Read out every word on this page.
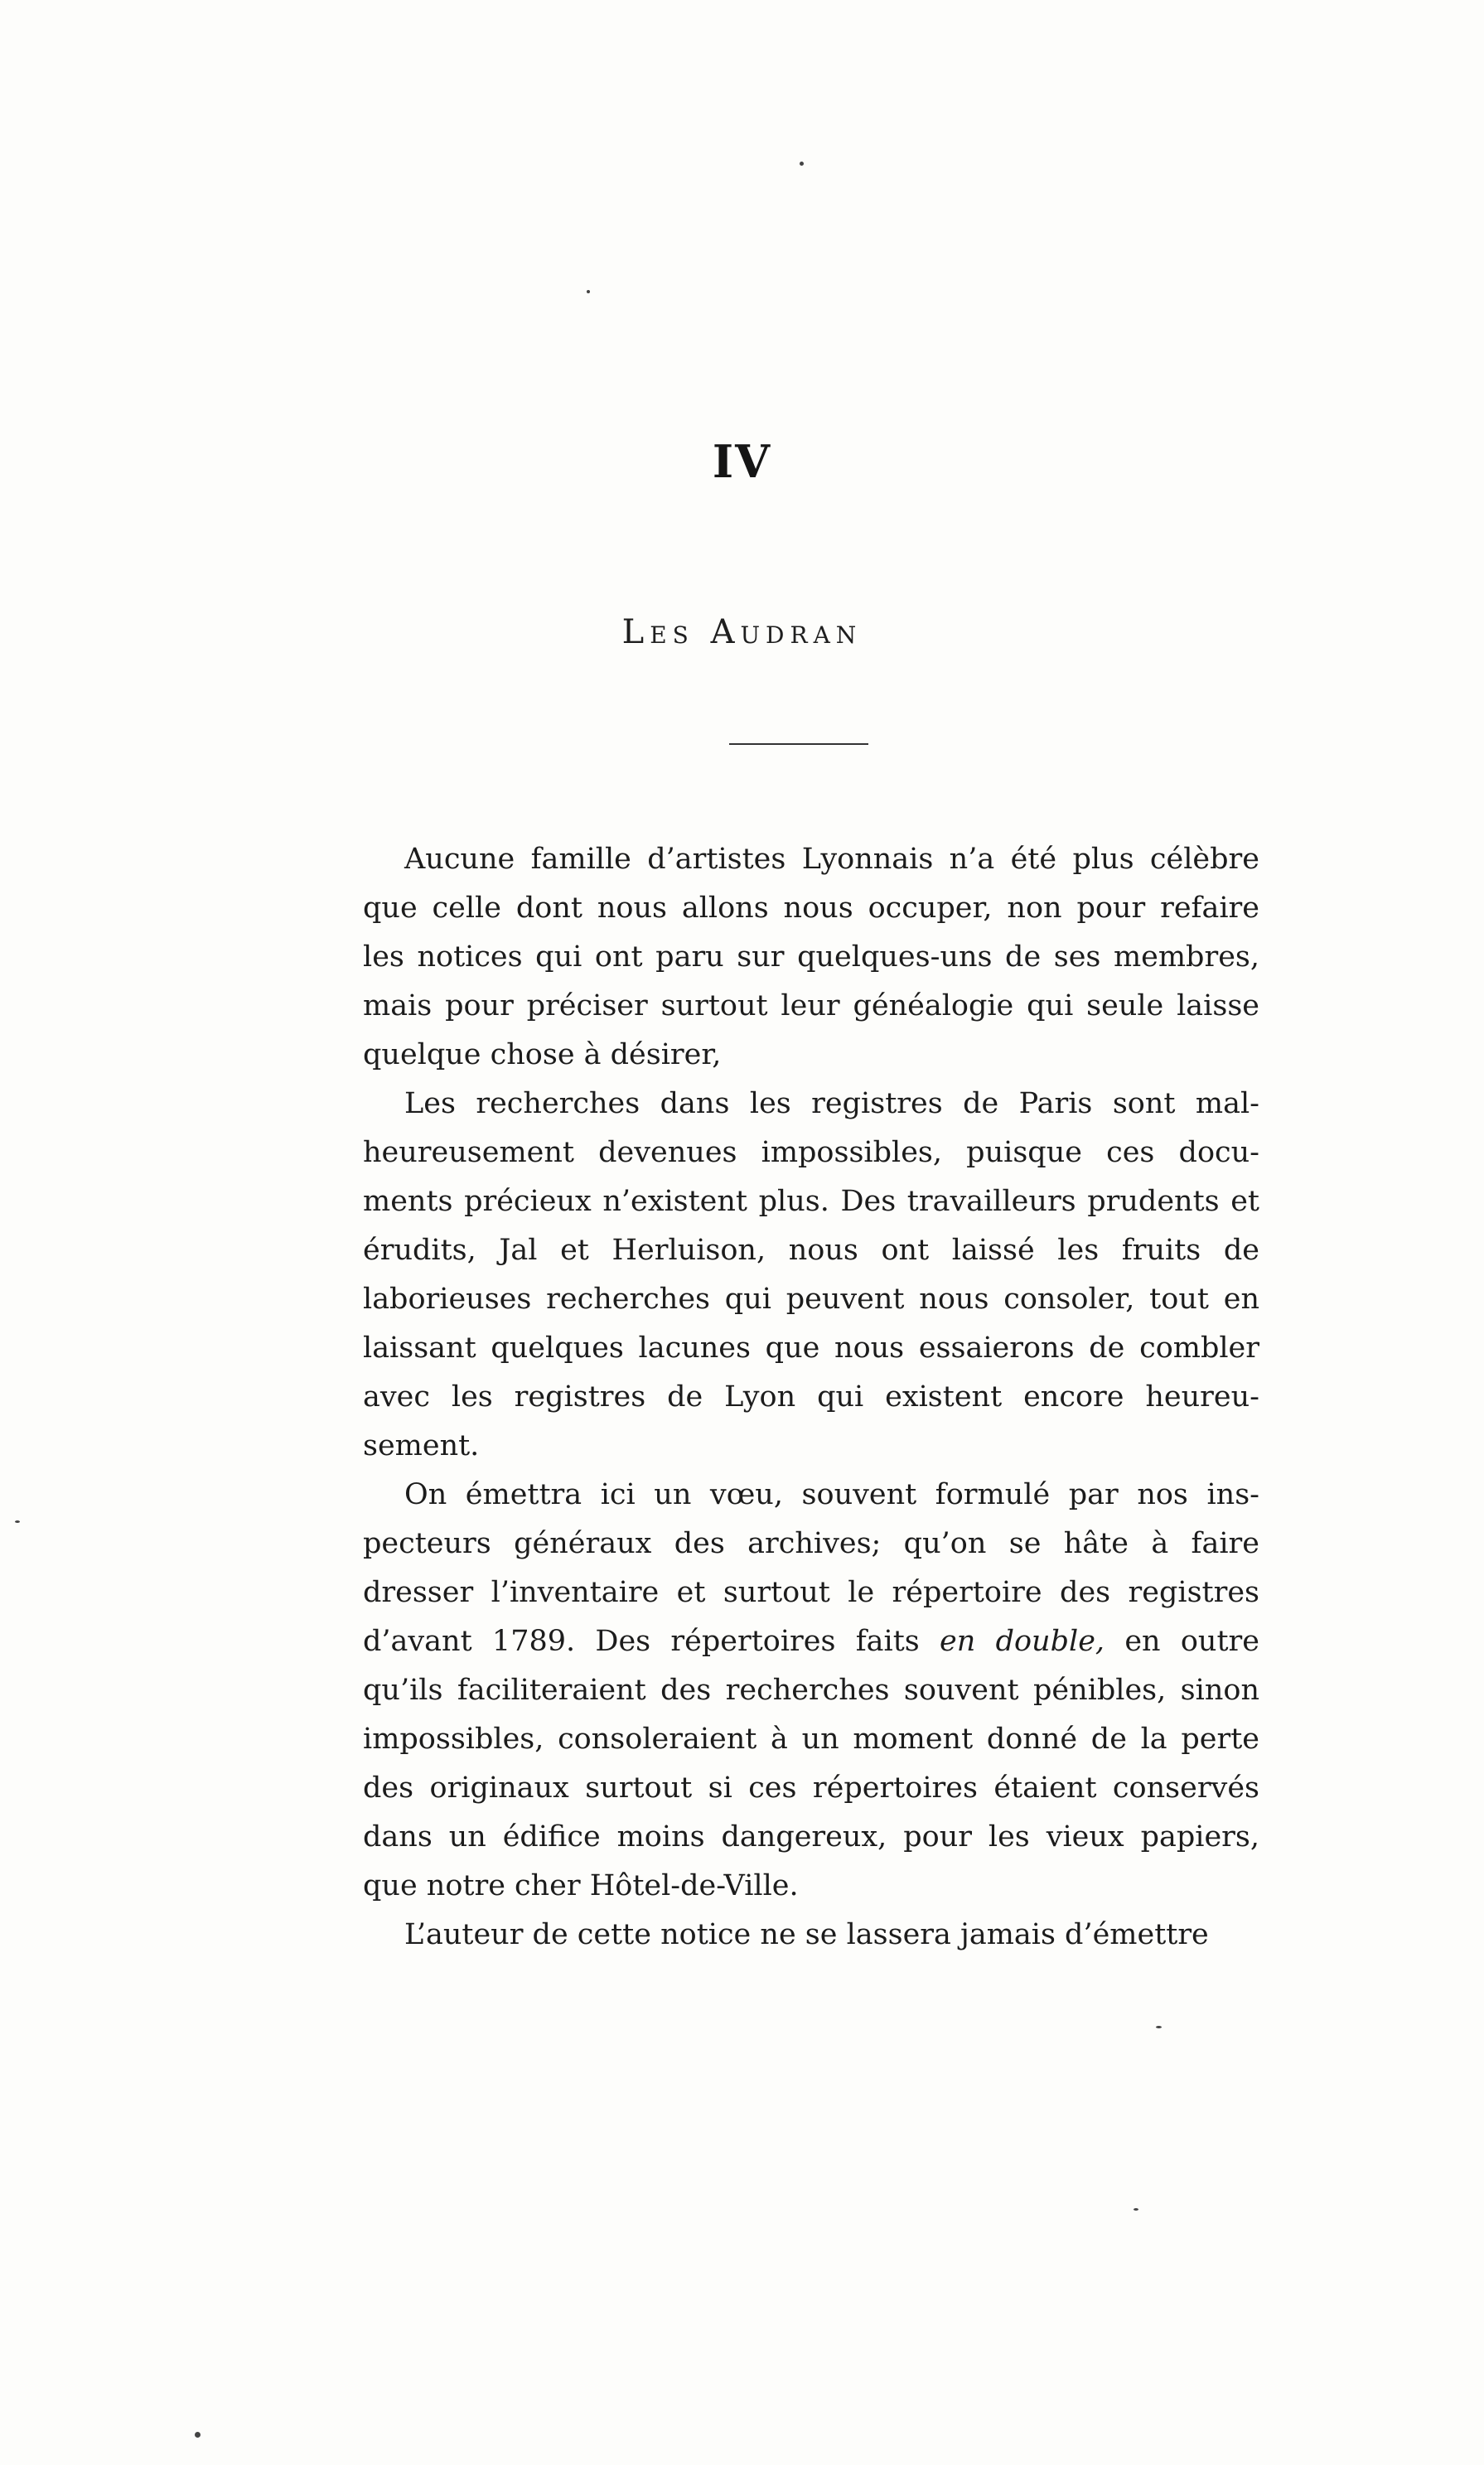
IV
Les Audran

Aucune famille d’artistes Lyonnais n’a été plus célèbre que celle dont nous allons nous occuper, non pour refaire les notices qui ont paru sur quelques-uns de ses membres, mais pour préciser surtout leur généalogie qui seule laisse quelque chose à désirer,

Les recherches dans les registres de Paris sont malheureusement devenues impossibles, puisque ces documents précieux n’existent plus. Des travailleurs prudents et érudits, Jal et Herluison, nous ont laissé les fruits de laborieuses recherches qui peuvent nous consoler, tout en laissant quelques lacunes que nous essaierons de combler avec les registres de Lyon qui existent encore heureusement.

On émettra ici un vœu, souvent formulé par nos inspecteurs généraux des archives; qu’on se hâte à faire dresser l’inventaire et surtout le répertoire des registres d’avant 1789. Des répertoires faits en double, en outre qu’ils faciliteraient des recherches souvent pénibles, sinon impossibles, consoleraient à un moment donné de la perte des originaux surtout si ces répertoires étaient conservés dans un édifice moins dangereux, pour les vieux papiers, que notre cher Hôtel-de-Ville.

L’auteur de cette notice ne se lassera jamais d’émettre
